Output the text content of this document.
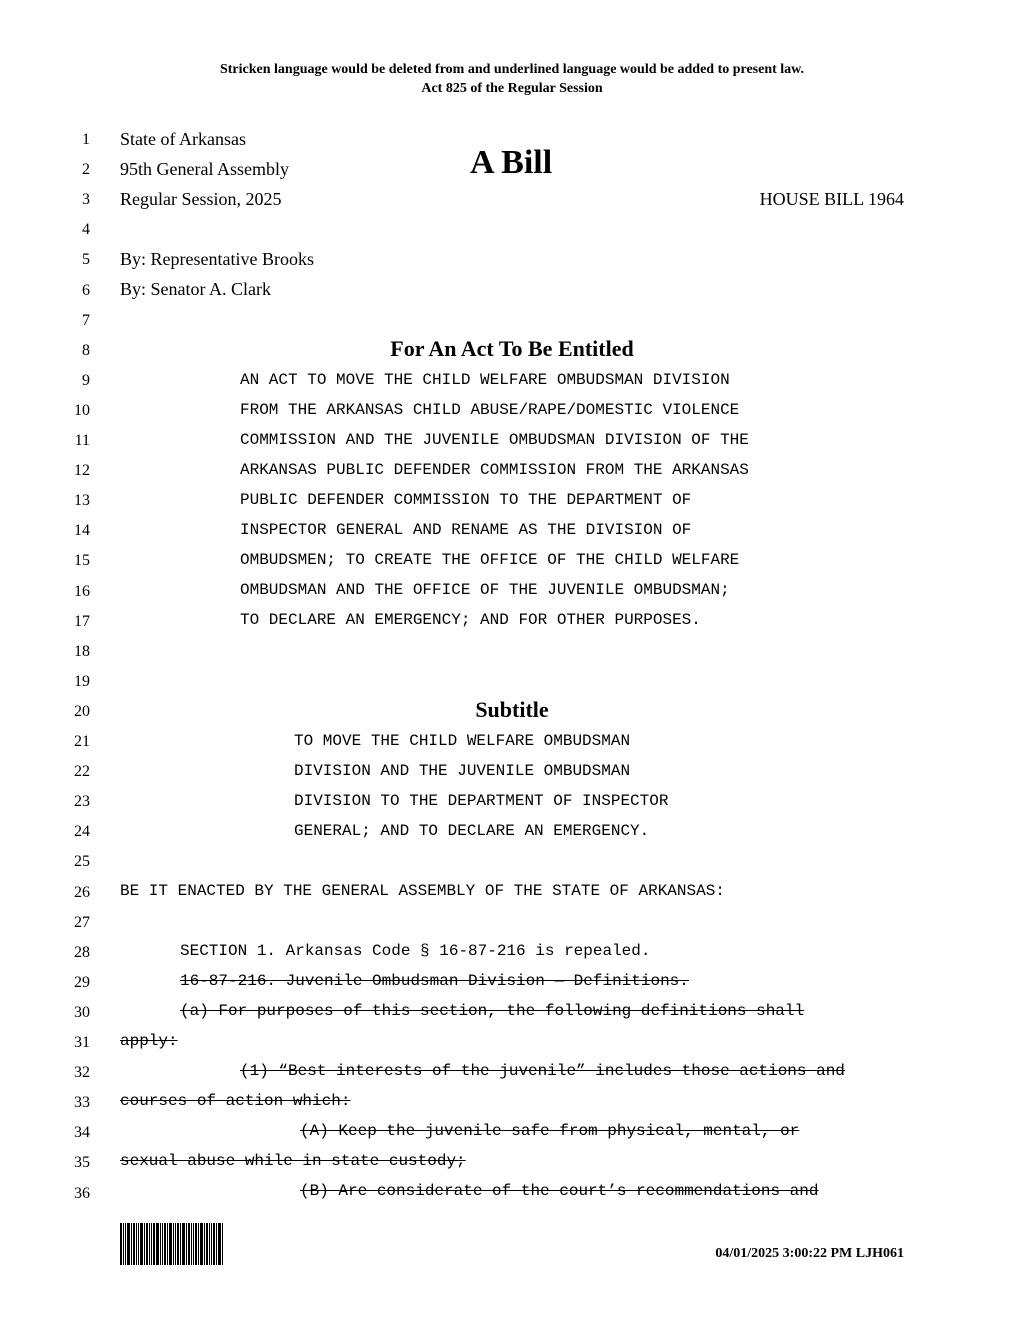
Stricken language would be deleted from and underlined language would be added to present law.
Act 825 of the Regular Session
1
2
3
4
5
6
7
8
9
10
11
12
13
14
15
16
17
18
19
20
21
22
23
24
25
26
27
28
29
30
31
32
33
34
35
36
State of Arkansas
95th General Assembly	A Bill
Regular Session, 2025	HOUSE BILL 1964
By: Representative Brooks
By: Senator A. Clark
For An Act To Be Entitled
AN ACT TO MOVE THE CHILD WELFARE OMBUDSMAN DIVISION
FROM THE ARKANSAS CHILD ABUSE/RAPE/DOMESTIC VIOLENCE
COMMISSION AND THE JUVENILE OMBUDSMAN DIVISION OF THE
ARKANSAS PUBLIC DEFENDER COMMISSION FROM THE ARKANSAS
PUBLIC DEFENDER COMMISSION TO THE DEPARTMENT OF
INSPECTOR GENERAL AND RENAME AS THE DIVISION OF
OMBUDSMEN; TO CREATE THE OFFICE OF THE CHILD WELFARE
OMBUDSMAN AND THE OFFICE OF THE JUVENILE OMBUDSMAN;
TO DECLARE AN EMERGENCY; AND FOR OTHER PURPOSES.
Subtitle
TO MOVE THE CHILD WELFARE OMBUDSMAN
DIVISION AND THE JUVENILE OMBUDSMAN
DIVISION TO THE DEPARTMENT OF INSPECTOR
GENERAL; AND TO DECLARE AN EMERGENCY.
BE IT ENACTED BY THE GENERAL ASSEMBLY OF THE STATE OF ARKANSAS:
SECTION 1. Arkansas Code § 16-87-216 is repealed.
16-87-216. Juvenile Ombudsman Division — Definitions.
(a) For purposes of this section, the following definitions shall
apply:
(1) “Best interests of the juvenile” includes those actions and
courses of action which:
(A) Keep the juvenile safe from physical, mental, or
sexual abuse while in state custody;
(B) Are considerate of the court’s recommendations and
04/01/2025 3:00:22 PM LJH061
